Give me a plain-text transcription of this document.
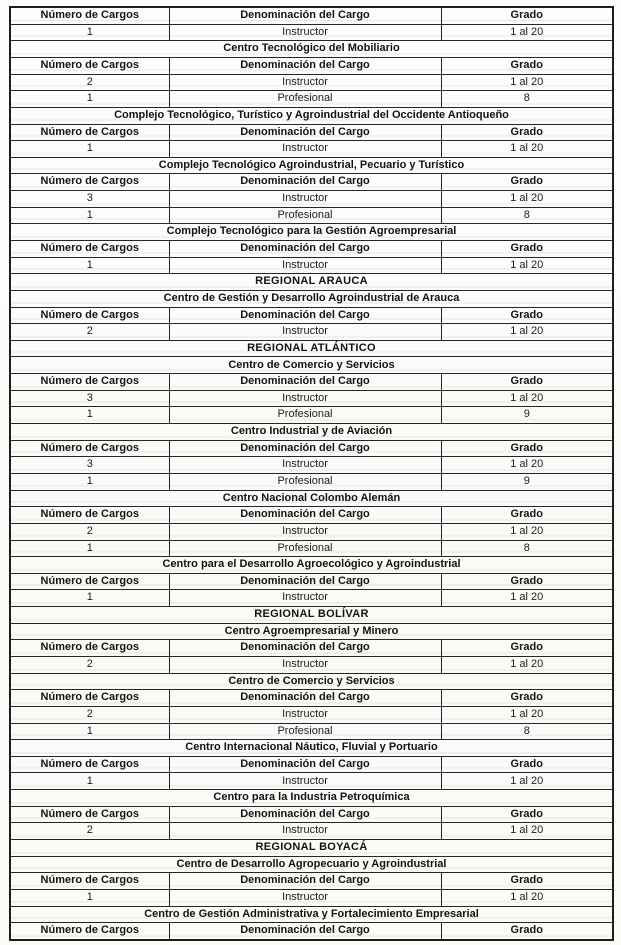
Número de Cargos	Denominación del Cargo	Grado
1	Instructor	1 al 20
Centro Tecnológico del Mobiliario		
Número de Cargos	Denominación del Cargo	Grado
2	Instructor	1 al 20
1	Profesional	8
Complejo Tecnológico, Turístico y Agroindustrial del Occidente Antioqueño		
Número de Cargos	Denominación del Cargo	Grado
1	Instructor	1 al 20
Complejo Tecnológico Agroindustrial, Pecuario y Turístico		
Número de Cargos	Denominación del Cargo	Grado
3	Instructor	1 al 20
1	Profesional	8
Complejo Tecnológico para la Gestión Agroempresarial		
Número de Cargos	Denominación del Cargo	Grado
1	Instructor	1 al 20
REGIONAL ARAUCA		
Centro de Gestión y Desarrollo Agroindustrial de Arauca		
Número de Cargos	Denominación del Cargo	Grado
2	Instructor	1 al 20
REGIONAL ATLÁNTICO		
Centro de Comercio y Servicios		
Número de Cargos	Denominación del Cargo	Grado
3	Instructor	1 al 20
1	Profesional	9
Centro Industrial y de Aviación		
Número de Cargos	Denominación del Cargo	Grado
3	Instructor	1 al 20
1	Profesional	9
Centro Nacional Colombo Alemán		
Número de Cargos	Denominación del Cargo	Grado
2	Instructor	1 al 20
1	Profesional	8
Centro para el Desarrollo Agroecológico y Agroindustrial		
Número de Cargos	Denominación del Cargo	Grado
1	Instructor	1 al 20
REGIONAL BOLÍVAR		
Centro Agroempresarial y Minero		
Número de Cargos	Denominación del Cargo	Grado
2	Instructor	1 al 20
Centro de Comercio y Servicios		
Número de Cargos	Denominación del Cargo	Grado
2	Instructor	1 al 20
1	Profesional	8
Centro Internacional Náutico, Fluvial y Portuario		
Número de Cargos	Denominación del Cargo	Grado
1	Instructor	1 al 20
Centro para la Industria Petroquímica		
Número de Cargos	Denominación del Cargo	Grado
2	Instructor	1 al 20
REGIONAL BOYACÁ		
Centro de Desarrollo Agropecuario y Agroindustrial		
Número de Cargos	Denominación del Cargo	Grado
1	Instructor	1 al 20
Centro de Gestión Administrativa y Fortalecimiento Empresarial		
Número de Cargos	Denominación del Cargo	Grado
